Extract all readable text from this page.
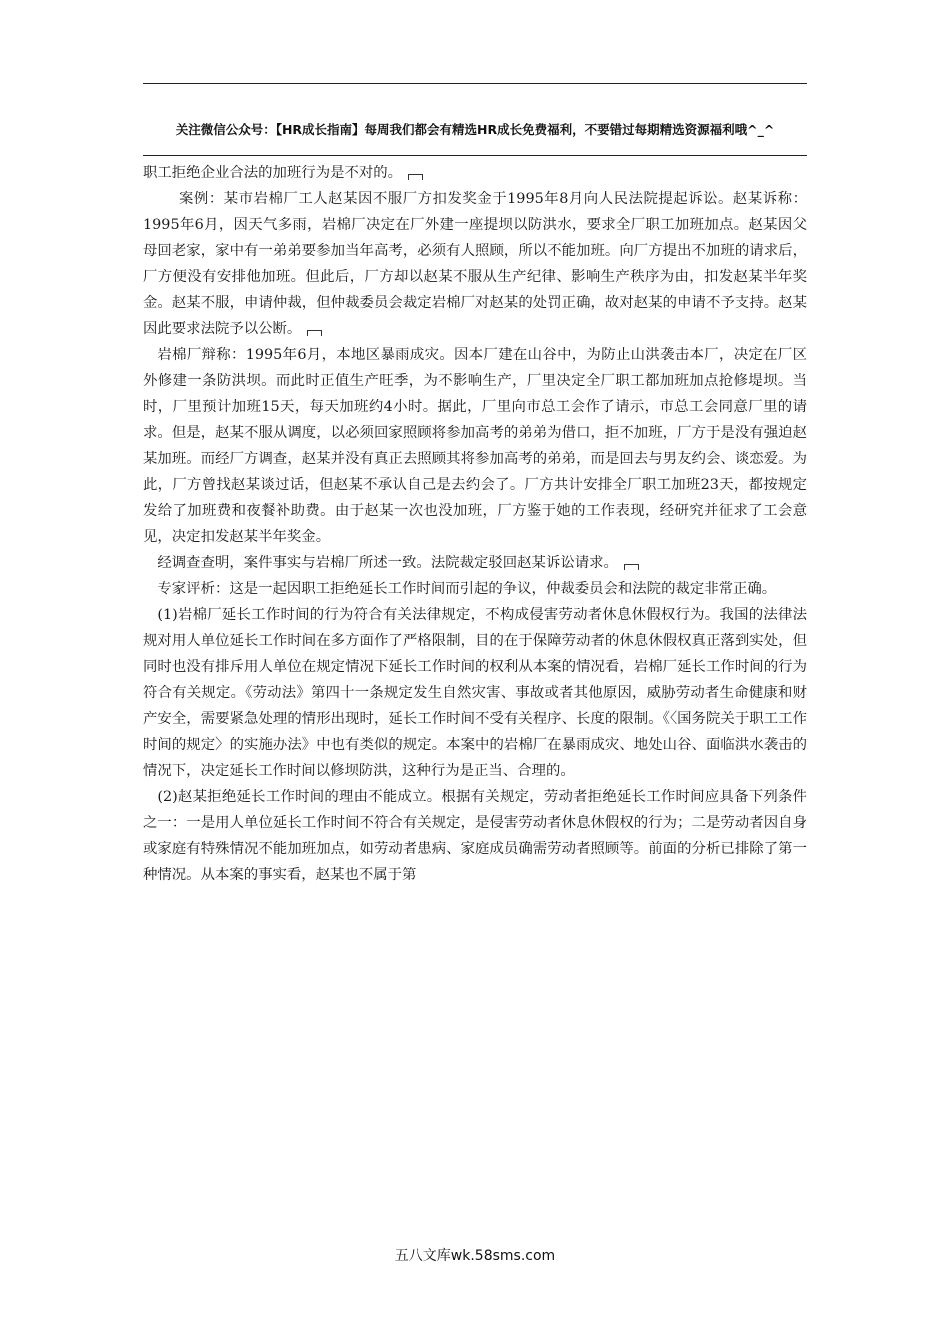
关注微信公众号：【HR成长指南】每周我们都会有精选HR成长免费福利，不要错过每期精选资源福利哦^_^

职工拒绝企业合法的加班行为是不对的。

案例：某市岩棉厂工人赵某因不服厂方扣发奖金于1995年8月向人民法院提起诉讼。赵某诉称：1995年6月，因天气多雨，岩棉厂决定在厂外建一座提坝以防洪水，要求全厂职工加班加点。赵某因父母回老家，家中有一弟弟要参加当年高考，必须有人照顾，所以不能加班。向厂方提出不加班的请求后，厂方便没有安排他加班。但此后，厂方却以赵某不服从生产纪律、影响生产秩序为由，扣发赵某半年奖金。赵某不服，申请仲裁，但仲裁委员会裁定岩棉厂对赵某的处罚正确，故对赵某的申请不予支持。赵某因此要求法院予以公断。

岩棉厂辩称：1995年6月，本地区暴雨成灾。因本厂建在山谷中，为防止山洪袭击本厂，决定在厂区外修建一条防洪坝。而此时正值生产旺季，为不影响生产，厂里决定全厂职工都加班加点抢修堤坝。当时，厂里预计加班15天，每天加班约4小时。据此，厂里向市总工会作了请示，市总工会同意厂里的请求。但是，赵某不服从调度，以必须回家照顾将参加高考的弟弟为借口，拒不加班，厂方于是没有强迫赵某加班。而经厂方调查，赵某并没有真正去照顾其将参加高考的弟弟，而是回去与男友约会、谈恋爱。为此，厂方曾找赵某谈过话，但赵某不承认自己是去约会了。厂方共计安排全厂职工加班23天，都按规定发给了加班费和夜餐补助费。由于赵某一次也没加班，厂方鉴于她的工作表现，经研究并征求了工会意见，决定扣发赵某半年奖金。

经调查查明，案件事实与岩棉厂所述一致。法院裁定驳回赵某诉讼请求。

专家评析：这是一起因职工拒绝延长工作时间而引起的争议，仲裁委员会和法院的裁定非常正确。

(1)岩棉厂延长工作时间的行为符合有关法律规定，不构成侵害劳动者休息休假权行为。我国的法律法规对用人单位延长工作时间在多方面作了严格限制，目的在于保障劳动者的休息休假权真正落到实处，但同时也没有排斥用人单位在规定情况下延长工作时间的权利从本案的情况看，岩棉厂延长工作时间的行为符合有关规定。《劳动法》第四十一条规定发生自然灾害、事故或者其他原因，威胁劳动者生命健康和财产安全，需要紧急处理的情形出现时，延长工作时间不受有关程序、长度的限制。《〈国务院关于职工工作时间的规定〉的实施办法》中也有类似的规定。本案中的岩棉厂在暴雨成灾、地处山谷、面临洪水袭击的情况下，决定延长工作时间以修坝防洪，这种行为是正当、合理的。

(2)赵某拒绝延长工作时间的理由不能成立。根据有关规定，劳动者拒绝延长工作时间应具备下列条件之一：一是用人单位延长工作时间不符合有关规定，是侵害劳动者休息休假权的行为；二是劳动者因自身或家庭有特殊情况不能加班加点，如劳动者患病、家庭成员确需劳动者照顾等。前面的分析已排除了第一种情况。从本案的事实看，赵某也不属于第

五八文库wk.58sms.com
